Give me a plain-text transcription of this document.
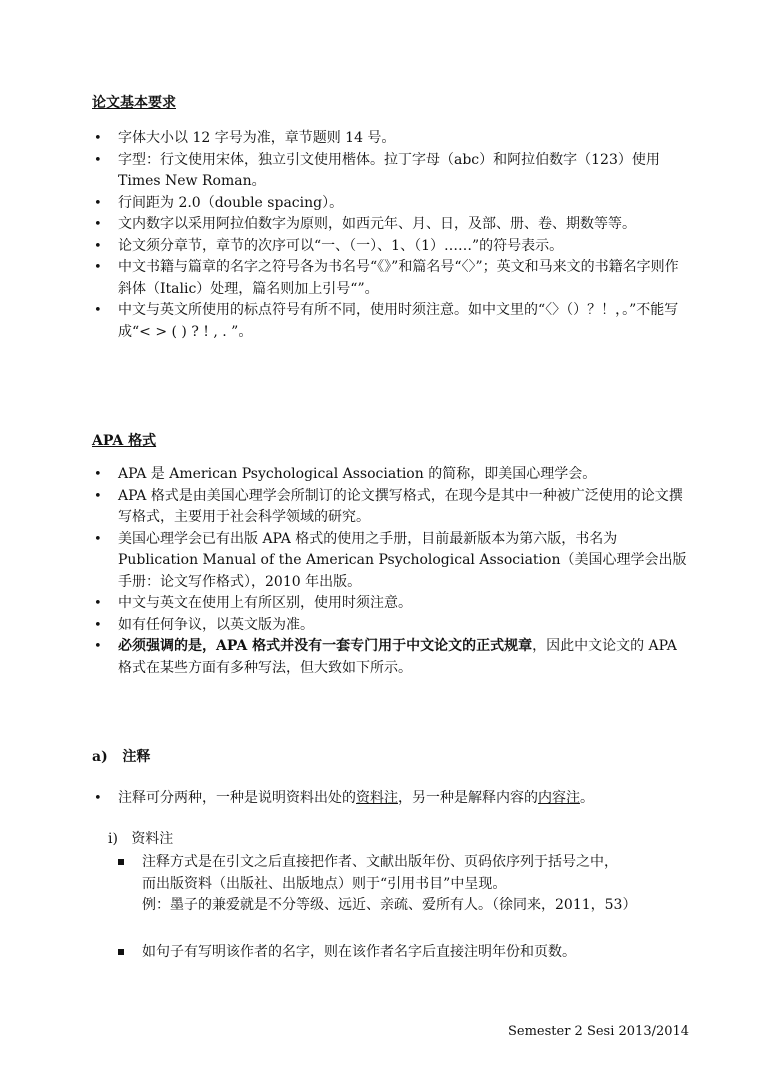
论文基本要求
• 字体大小以 12 字号为准，章节题则 14 号。
• 字型：行文使用宋体，独立引文使用楷体。拉丁字母（abc）和阿拉伯数字（123）使用 Times New Roman。
• 行间距为 2.0（double spacing）。
• 文内数字以采用阿拉伯数字为原则，如西元年、月、日，及部、册、卷、期数等等。
• 论文须分章节，章节的次序可以“一、（一）、1、（1）……”的符号表示。
• 中文书籍与篇章的名字之符号各为书名号“《》”和篇名号“〈〉”；英文和马来文的书籍名字则作斜体（Italic）处理，篇名则加上引号“”。
• 中文与英文所使用的标点符号有所不同，使用时须注意。如中文里的“〈〉（）？！，。”不能写成“< > ( ) ? ! , . ”。
APA 格式
• APA 是 American Psychological Association 的简称，即美国心理学会。
• APA 格式是由美国心理学会所制订的论文撰写格式，在现今是其中一种被广泛使用的论文撰写格式，主要用于社会科学领域的研究。
• 美国心理学会已有出版 APA 格式的使用之手册，目前最新版本为第六版，书名为 Publication Manual of the American Psychological Association（美国心理学会出版手册：论文写作格式），2010 年出版。
• 中文与英文在使用上有所区别，使用时须注意。
• 如有任何争议，以英文版为准。
• 必须强调的是，APA 格式并没有一套专门用于中文论文的正式规章，因此中文论文的 APA 格式在某些方面有多种写法，但大致如下所示。
a) 注释
• 注释可分两种，一种是说明资料出处的资料注，另一种是解释内容的内容注。
i) 资料注
注释方式是在引文之后直接把作者、文献出版年份、页码依序列于括号之中，
而出版资料（出版社、出版地点）则于“引用书目”中呈现。
例：墨子的兼爱就是不分等级、远近、亲疏、爱所有人。（徐同来，2011，53）
如句子有写明该作者的名字，则在该作者名字后直接注明年份和页数。
Semester 2 Sesi 2013/2014
